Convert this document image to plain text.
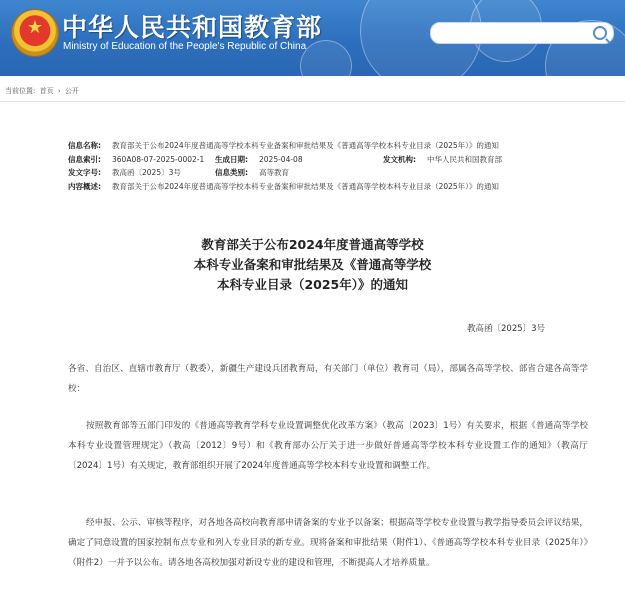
★ 中华人民共和国教育部
Ministry of Education of the People's Republic of China
当前位置: 首页 › 公开
信息名称: 教育部关于公布2024年度普通高等学校本科专业备案和审批结果及《普通高等学校本科专业目录（2025年）》的通知
信息索引: 360A08-07-2025-0002-1 生成日期: 2025-04-08	发文机构: 中华人民共和国教育部
发文字号: 教高函〔2025〕3号	信息类别: 高等教育
内容概述: 教育部关于公布2024年度普通高等学校本科专业备案和审批结果及《普通高等学校本科专业目录（2025年）》的通知
教育部关于公布2024年度普通高等学校
本科专业备案和审批结果及《普通高等学校
本科专业目录（2025年）》的通知
教高函〔2025〕3号
各省、自治区、直辖市教育厅（教委），新疆生产建设兵团教育局，有关部门（单位）教育司（局），部属各高等学校、部省合建各高等学校：
按照教育部等五部门印发的《普通高等教育学科专业设置调整优化改革方案》（教高〔2023〕1号）有关要求，根据《普通高等学校本科专业设置管理规定》（教高〔2012〕9号）和《教育部办公厅关于进一步做好普通高等学校本科专业设置工作的通知》（教高厅〔2024〕1号）有关规定，教育部组织开展了2024年度普通高等学校本科专业设置和调整工作。
经申报、公示、审核等程序，对各地各高校向教育部申请备案的专业予以备案；根据高等学校专业设置与教学指导委员会评议结果，确定了同意设置的国家控制布点专业和列入专业目录的新专业。现将备案和审批结果（附件1）、《普通高等学校本科专业目录（2025年）》（附件2）一并予以公布。请各地各高校加强对新设专业的建设和管理，不断提高人才培养质量。
